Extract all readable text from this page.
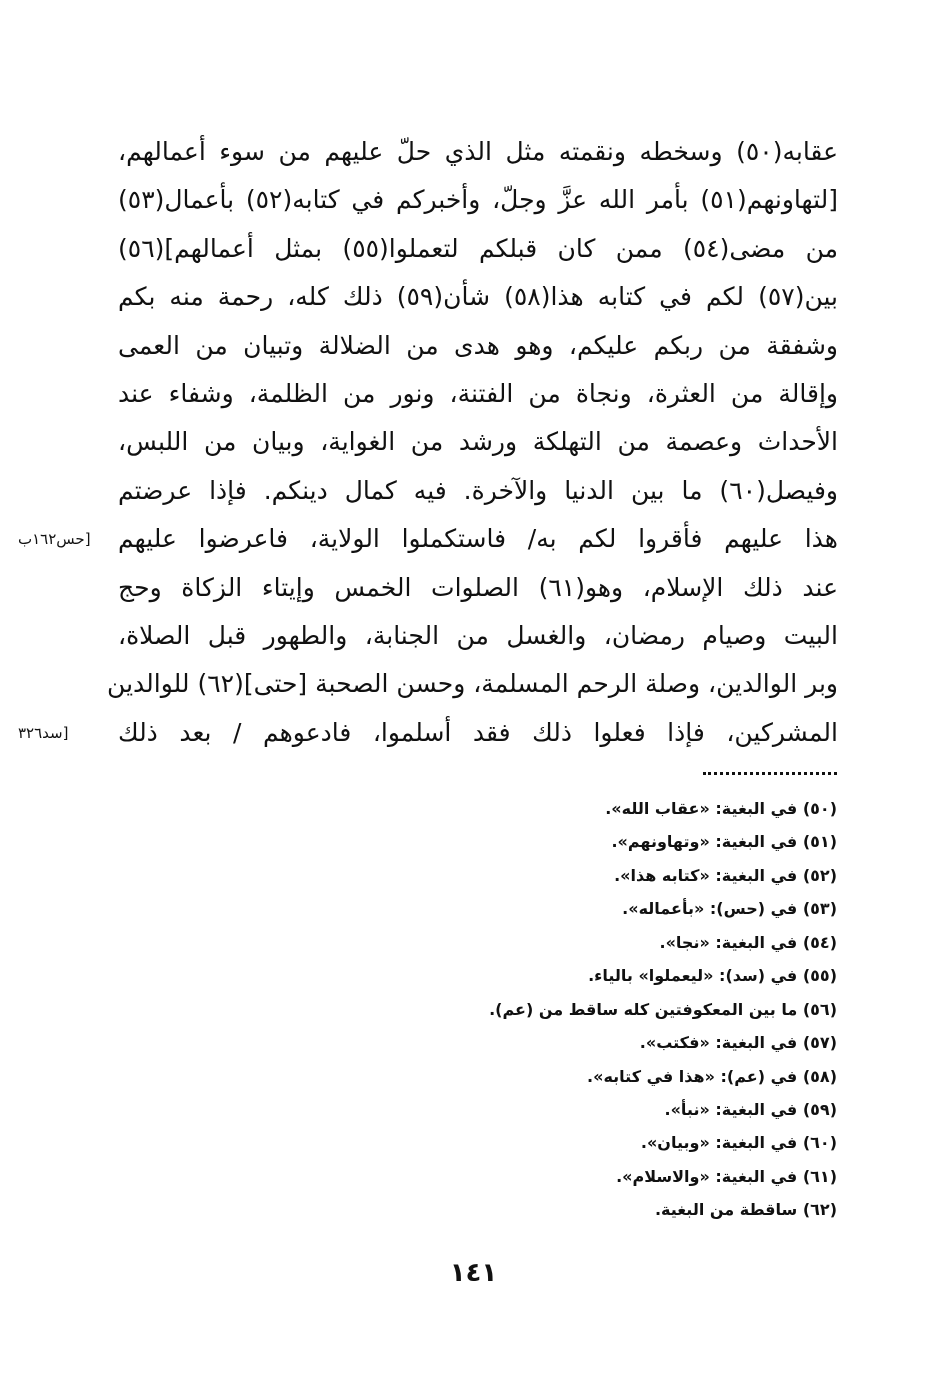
عقابه(٥٠) وسخطه ونقمته مثل الذي حلّ عليهم من سوء أعمالهم،
[لتهاونهم(٥١) بأمر الله عزَّ وجلّ، وأخبركم في كتابه(٥٢) بأعمال(٥٣)
من مضى(٥٤) ممن كان قبلكم لتعملوا(٥٥) بمثل أعمالهم](٥٦)
بين(٥٧) لكم في كتابه هذا(٥٨) شأن(٥٩) ذلك كله، رحمة منه بكم
وشفقة من ربكم عليكم، وهو هدى من الضلالة وتبيان من العمى
وإقالة من العثرة، ونجاة من الفتنة، ونور من الظلمة، وشفاء عند
الأحداث وعصمة من التهلكة ورشد من الغواية، وبيان من اللبس،
وفيصل(٦٠) ما بين الدنيا والآخرة. فيه كمال دينكم. فإذا عرضتم
هذا عليهم فأقروا لكم به/ فاستكملوا الولاية، فاعرضوا عليهم
[حس١٦٢ب
عند ذلك الإسلام، وهو(٦١) الصلوات الخمس وإيتاء الزكاة وحج
البيت وصيام رمضان، والغسل من الجنابة، والطهور قبل الصلاة،
وبر الوالدين، وصلة الرحم المسلمة، وحسن الصحبة [حتى](٦٢) للوالدين
المشركين، فإذا فعلوا ذلك فقد أسلموا، فادعوهم / بعد ذلك
[سد٣٢٦
(٥٠) في البغية: «عقاب الله».
(٥١) في البغية: «وتهاونهم».
(٥٢) في البغية: «كتابه هذا».
(٥٣) في (حس): «بأعماله».
(٥٤) في البغية: «نجا».
(٥٥) في (سد): «ليعملوا» بالياء.
(٥٦) ما بين المعكوفتين كله ساقط من (عم).
(٥٧) في البغية: «فكتب».
(٥٨) في (عم): «هذا في كتابه».
(٥٩) في البغية: «نبأ».
(٦٠) في البغية: «وبيان».
(٦١) في البغية: «والاسلام».
(٦٢) ساقطة من البغية.
١٤١
